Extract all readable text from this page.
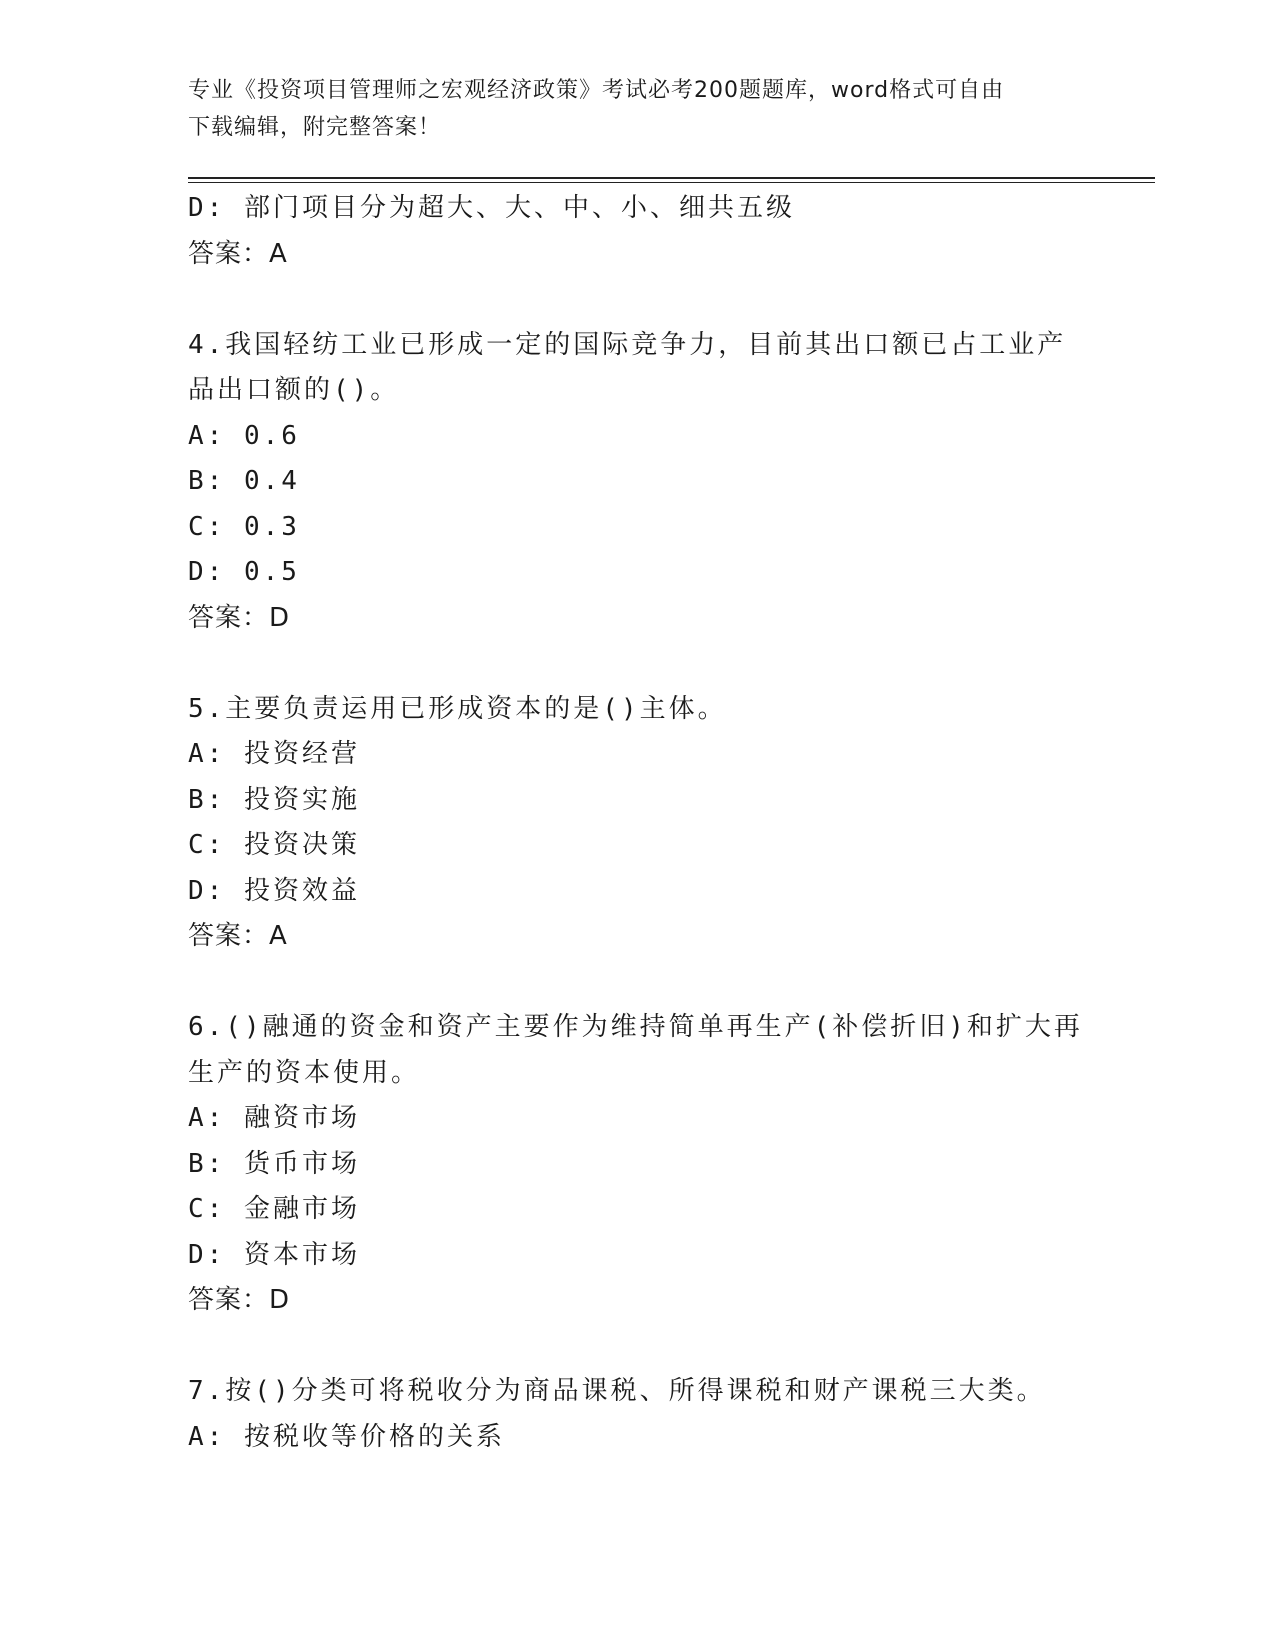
专业《投资项目管理师之宏观经济政策》考试必考200题题库，word格式可自由
下载编辑，附完整答案！
D: 部门项目分为超大、大、中、小、细共五级
答案：A
4.我国轻纺工业已形成一定的国际竞争力，目前其出口额已占工业产
品出口额的()。
A: 0.6
B: 0.4
C: 0.3
D: 0.5
答案：D
5.主要负责运用已形成资本的是()主体。
A: 投资经营
B: 投资实施
C: 投资决策
D: 投资效益
答案：A
6.()融通的资金和资产主要作为维持简单再生产(补偿折旧)和扩大再
生产的资本使用。
A: 融资市场
B: 货币市场
C: 金融市场
D: 资本市场
答案：D
7.按()分类可将税收分为商品课税、所得课税和财产课税三大类。
A: 按税收等价格的关系
